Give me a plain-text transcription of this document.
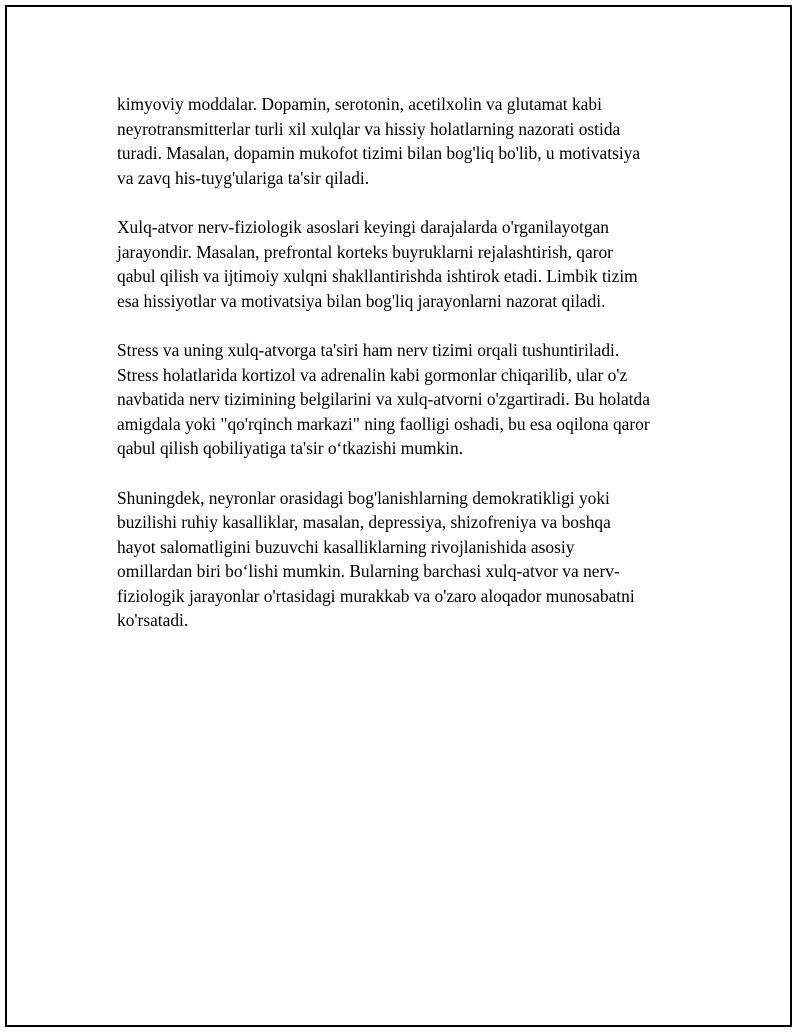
kimyoviy moddalar. Dopamin, serotonin, acetilxolin va glutamat kabi
neyrotransmitterlar turli xil xulqlar va hissiy holatlarning nazorati ostida
turadi. Masalan, dopamin mukofot tizimi bilan bog'liq bo'lib, u motivatsiya
va zavq his-tuyg'ulariga ta'sir qiladi.

Xulq-atvor nerv-fiziologik asoslari keyingi darajalarda o'rganilayotgan
jarayondir. Masalan, prefrontal korteks buyruklarni rejalashtirish, qaror
qabul qilish va ijtimoiy xulqni shakllantirishda ishtirok etadi. Limbik tizim
esa hissiyotlar va motivatsiya bilan bog'liq jarayonlarni nazorat qiladi.

Stress va uning xulq-atvorga ta'siri ham nerv tizimi orqali tushuntiriladi.
Stress holatlarida kortizol va adrenalin kabi gormonlar chiqarilib, ular o'z
navbatida nerv tizimining belgilarini va xulq-atvorni o'zgartiradi. Bu holatda
amigdala yoki "qo'rqinch markazi" ning faolligi oshadi, bu esa oqilona qaror
qabul qilish qobiliyatiga ta'sir o‘tkazishi mumkin.

Shuningdek, neyronlar orasidagi bog'lanishlarning demokratikligi yoki
buzilishi ruhiy kasalliklar, masalan, depressiya, shizofreniya va boshqa
hayot salomatligini buzuvchi kasalliklarning rivojlanishida asosiy
omillardan biri bo‘lishi mumkin. Bularning barchasi xulq-atvor va nerv-
fiziologik jarayonlar o'rtasidagi murakkab va o'zaro aloqador munosabatni
ko'rsatadi.
